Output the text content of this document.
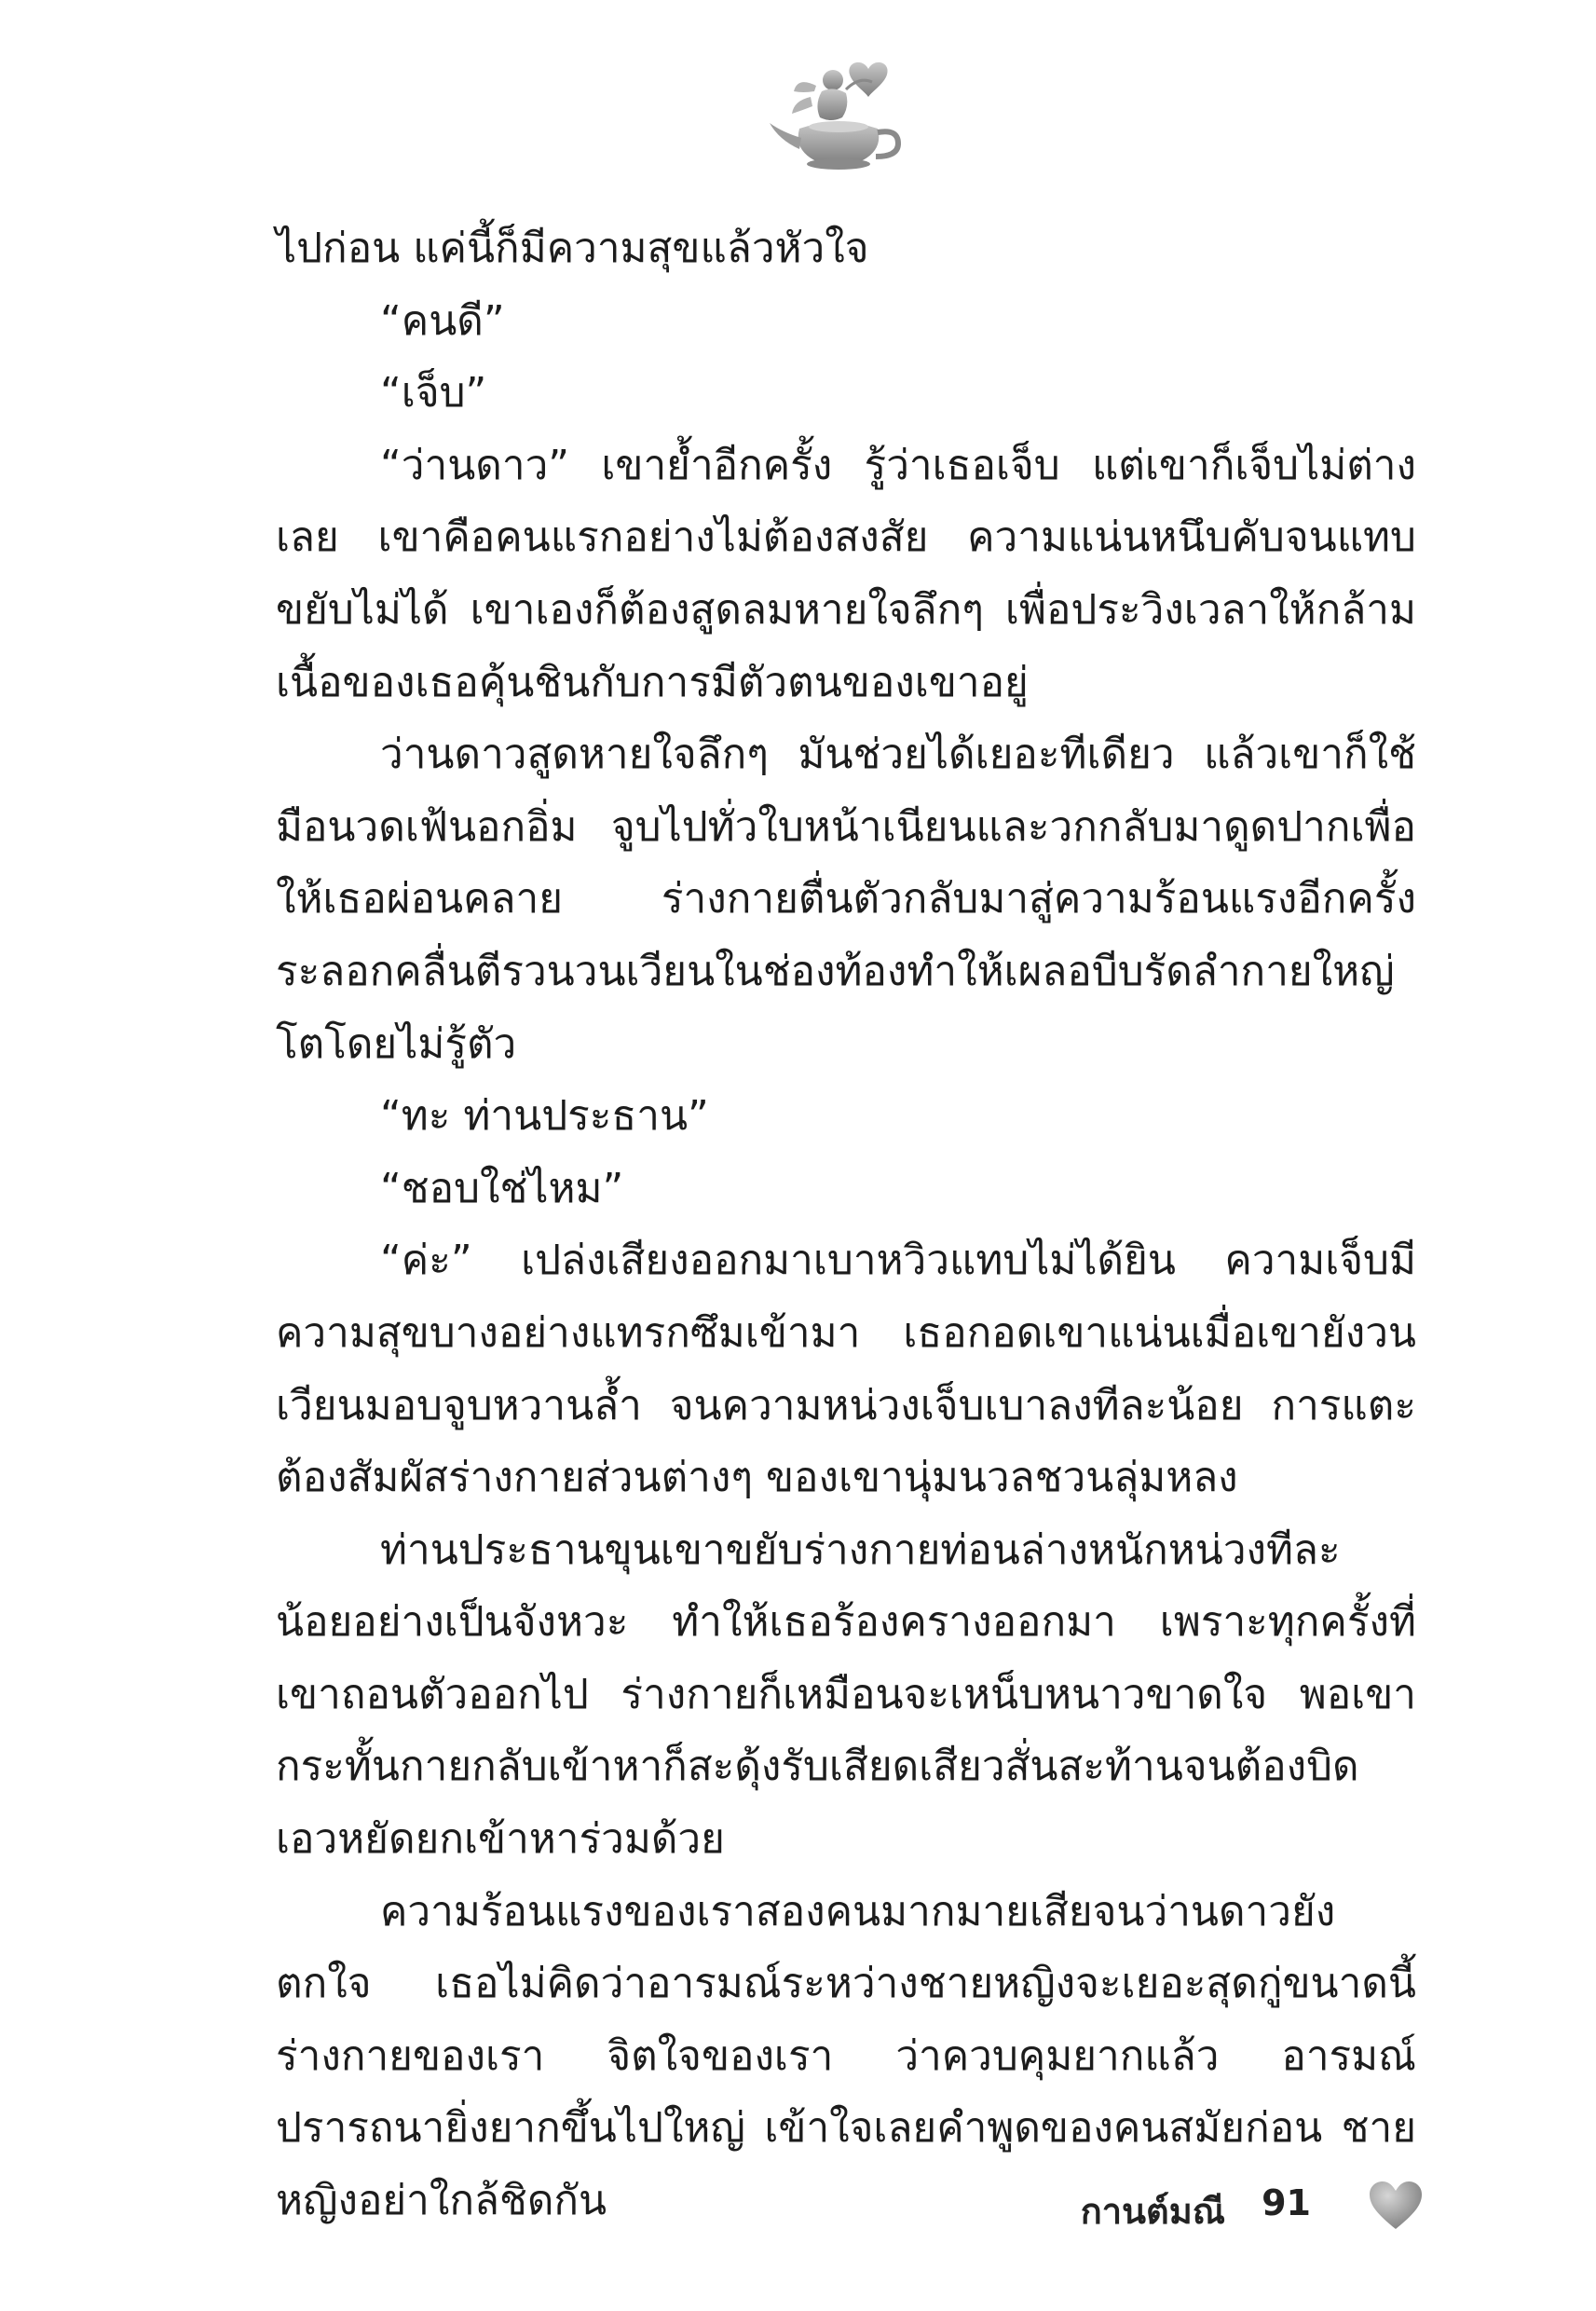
ไปก่อน แค่นี้ก็มีความสุขแล้วหัวใจ

“คนดี”

“เจ็บ”

“ว่านดาว” เขาย้ำอีกครั้ง รู้ว่าเธอเจ็บ แต่เขาก็เจ็บไม่ต่างเลย เขาคือคนแรกอย่างไม่ต้องสงสัย ความแน่นหนึบคับจนแทบขยับไม่ได้ เขาเองก็ต้องสูดลมหายใจลึกๆ เพื่อประวิงเวลาให้กล้ามเนื้อของเธอคุ้นชินกับการมีตัวตนของเขาอยู่

ว่านดาวสูดหายใจลึกๆ มันช่วยได้เยอะทีเดียว แล้วเขาก็ใช้มือนวดเฟ้นอกอิ่ม จูบไปทั่วใบหน้าเนียนและวกกลับมาดูดปากเพื่อให้เธอผ่อนคลาย ร่างกายตื่นตัวกลับมาสู่ความร้อนแรงอีกครั้ง ระลอกคลื่นตีรวนวนเวียนในช่องท้องทำให้เผลอบีบรัดลำกายใหญ่โตโดยไม่รู้ตัว

“ทะ ท่านประธาน”

“ชอบใช่ไหม”

“ค่ะ” เปล่งเสียงออกมาเบาหวิวแทบไม่ได้ยิน ความเจ็บมีความสุขบางอย่างแทรกซึมเข้ามา เธอกอดเขาแน่นเมื่อเขายังวนเวียนมอบจูบหวานล้ำ จนความหน่วงเจ็บเบาลงทีละน้อย การแตะต้องสัมผัสร่างกายส่วนต่างๆ ของเขานุ่มนวลชวนลุ่มหลง

ท่านประธานขุนเขาขยับร่างกายท่อนล่างหนักหน่วงทีละน้อยอย่างเป็นจังหวะ ทำให้เธอร้องครางออกมา เพราะทุกครั้งที่เขาถอนตัวออกไป ร่างกายก็เหมือนจะเหน็บหนาวขาดใจ พอเขากระทั้นกายกลับเข้าหาก็สะดุ้งรับเสียดเสียวสั่นสะท้านจนต้องบิดเอวหยัดยกเข้าหาร่วมด้วย

ความร้อนแรงของเราสองคนมากมายเสียจนว่านดาวยังตกใจ เธอไม่คิดว่าอารมณ์ระหว่างชายหญิงจะเยอะสุดกู่ขนาดนี้ ร่างกายของเรา จิตใจของเรา ว่าควบคุมยากแล้ว อารมณ์ปรารถนายิ่งยากขึ้นไปใหญ่ เข้าใจเลยคำพูดของคนสมัยก่อน ชายหญิงอย่าใกล้ชิดกัน	กานต์มณี 91
